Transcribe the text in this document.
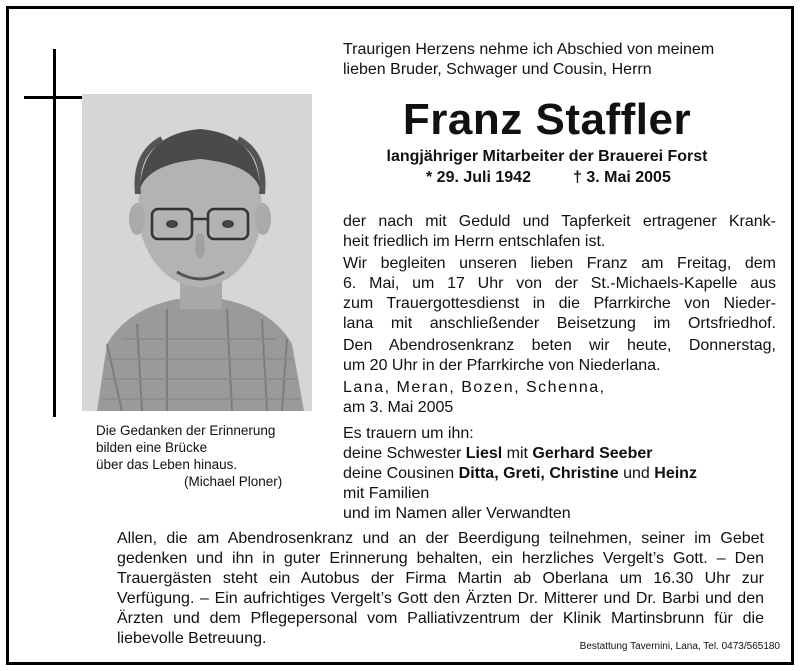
Die Gedanken der Erinnerung
bilden eine Brücke
über das Leben hinaus.
(Michael Ploner)
Traurigen Herzens nehme ich Abschied von meinem
lieben Bruder, Schwager und Cousin, Herrn
Franz Staffler
langjähriger Mitarbeiter der Brauerei Forst
* 29. Juli 1942	† 3. Mai 2005
der nach mit Geduld und Tapferkeit ertragener Krank-
heit friedlich im Herrn entschlafen ist.
Wir begleiten unseren lieben Franz am Freitag, dem
6. Mai, um 17 Uhr von der St.-Michaels-Kapelle aus
zum Trauergottesdienst in die Pfarrkirche von Nieder-
lana mit anschließender Beisetzung im Ortsfriedhof.
Den Abendrosenkranz beten wir heute, Donnerstag,
um 20 Uhr in der Pfarrkirche von Niederlana.
Lana, Meran, Bozen, Schenna,
am 3. Mai 2005
Es trauern um ihn:
deine Schwester Liesl mit Gerhard Seeber
deine Cousinen Ditta, Greti, Christine und Heinz
mit Familien
und im Namen aller Verwandten
Allen, die am Abendrosenkranz und an der Beerdigung teilnehmen, seiner im Gebet
gedenken und ihn in guter Erinnerung behalten, ein herzliches Vergelt’s Gott. – Den
Trauergästen steht ein Autobus der Firma Martin ab Oberlana um 16.30 Uhr zur
Verfügung. – Ein aufrichtiges Vergelt’s Gott den Ärzten Dr. Mitterer und Dr. Barbi und den
Ärzten und dem Pflegepersonal vom Palliativzentrum der Klinik Martinsbrunn für die
liebevolle Betreuung.	Bestattung Tavernini, Lana, Tel. 0473/565180
